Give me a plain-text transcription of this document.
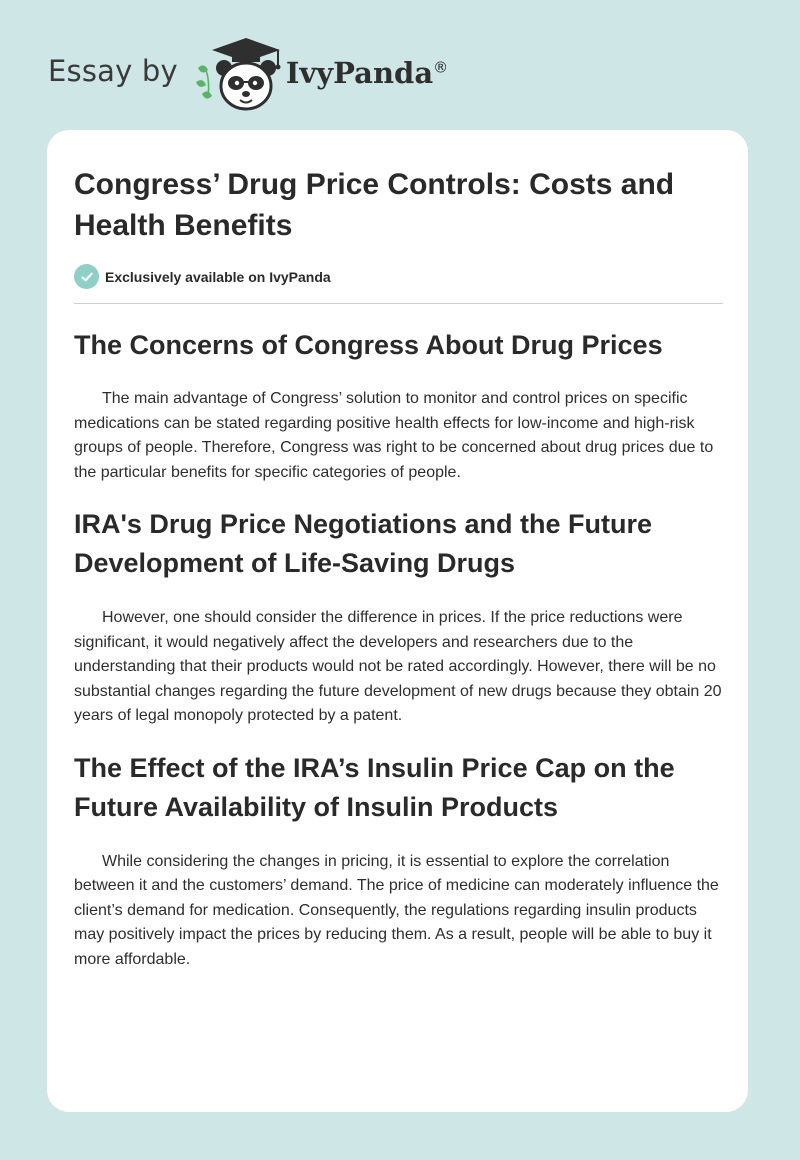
Essay by	IvyPanda®
Congress’ Drug Price Controls: Costs and Health Benefits
Exclusively available on IvyPanda
The Concerns of Congress About Drug Prices

The main advantage of Congress’ solution to monitor and control prices on specific medications can be stated regarding positive health effects for low-income and high-risk groups of people. Therefore, Congress was right to be concerned about drug prices due to the particular benefits for specific categories of people.

IRA's Drug Price Negotiations and the Future Development of Life-Saving Drugs

However, one should consider the difference in prices. If the price reductions were significant, it would negatively affect the developers and researchers due to the understanding that their products would not be rated accordingly. However, there will be no substantial changes regarding the future development of new drugs because they obtain 20 years of legal monopoly protected by a patent.

The Effect of the IRA’s Insulin Price Cap on the Future Availability of Insulin Products

While considering the changes in pricing, it is essential to explore the correlation between it and the customers’ demand. The price of medicine can moderately influence the client’s demand for medication. Consequently, the regulations regarding insulin products may positively impact the prices by reducing them. As a result, people will be able to buy it more affordable.
